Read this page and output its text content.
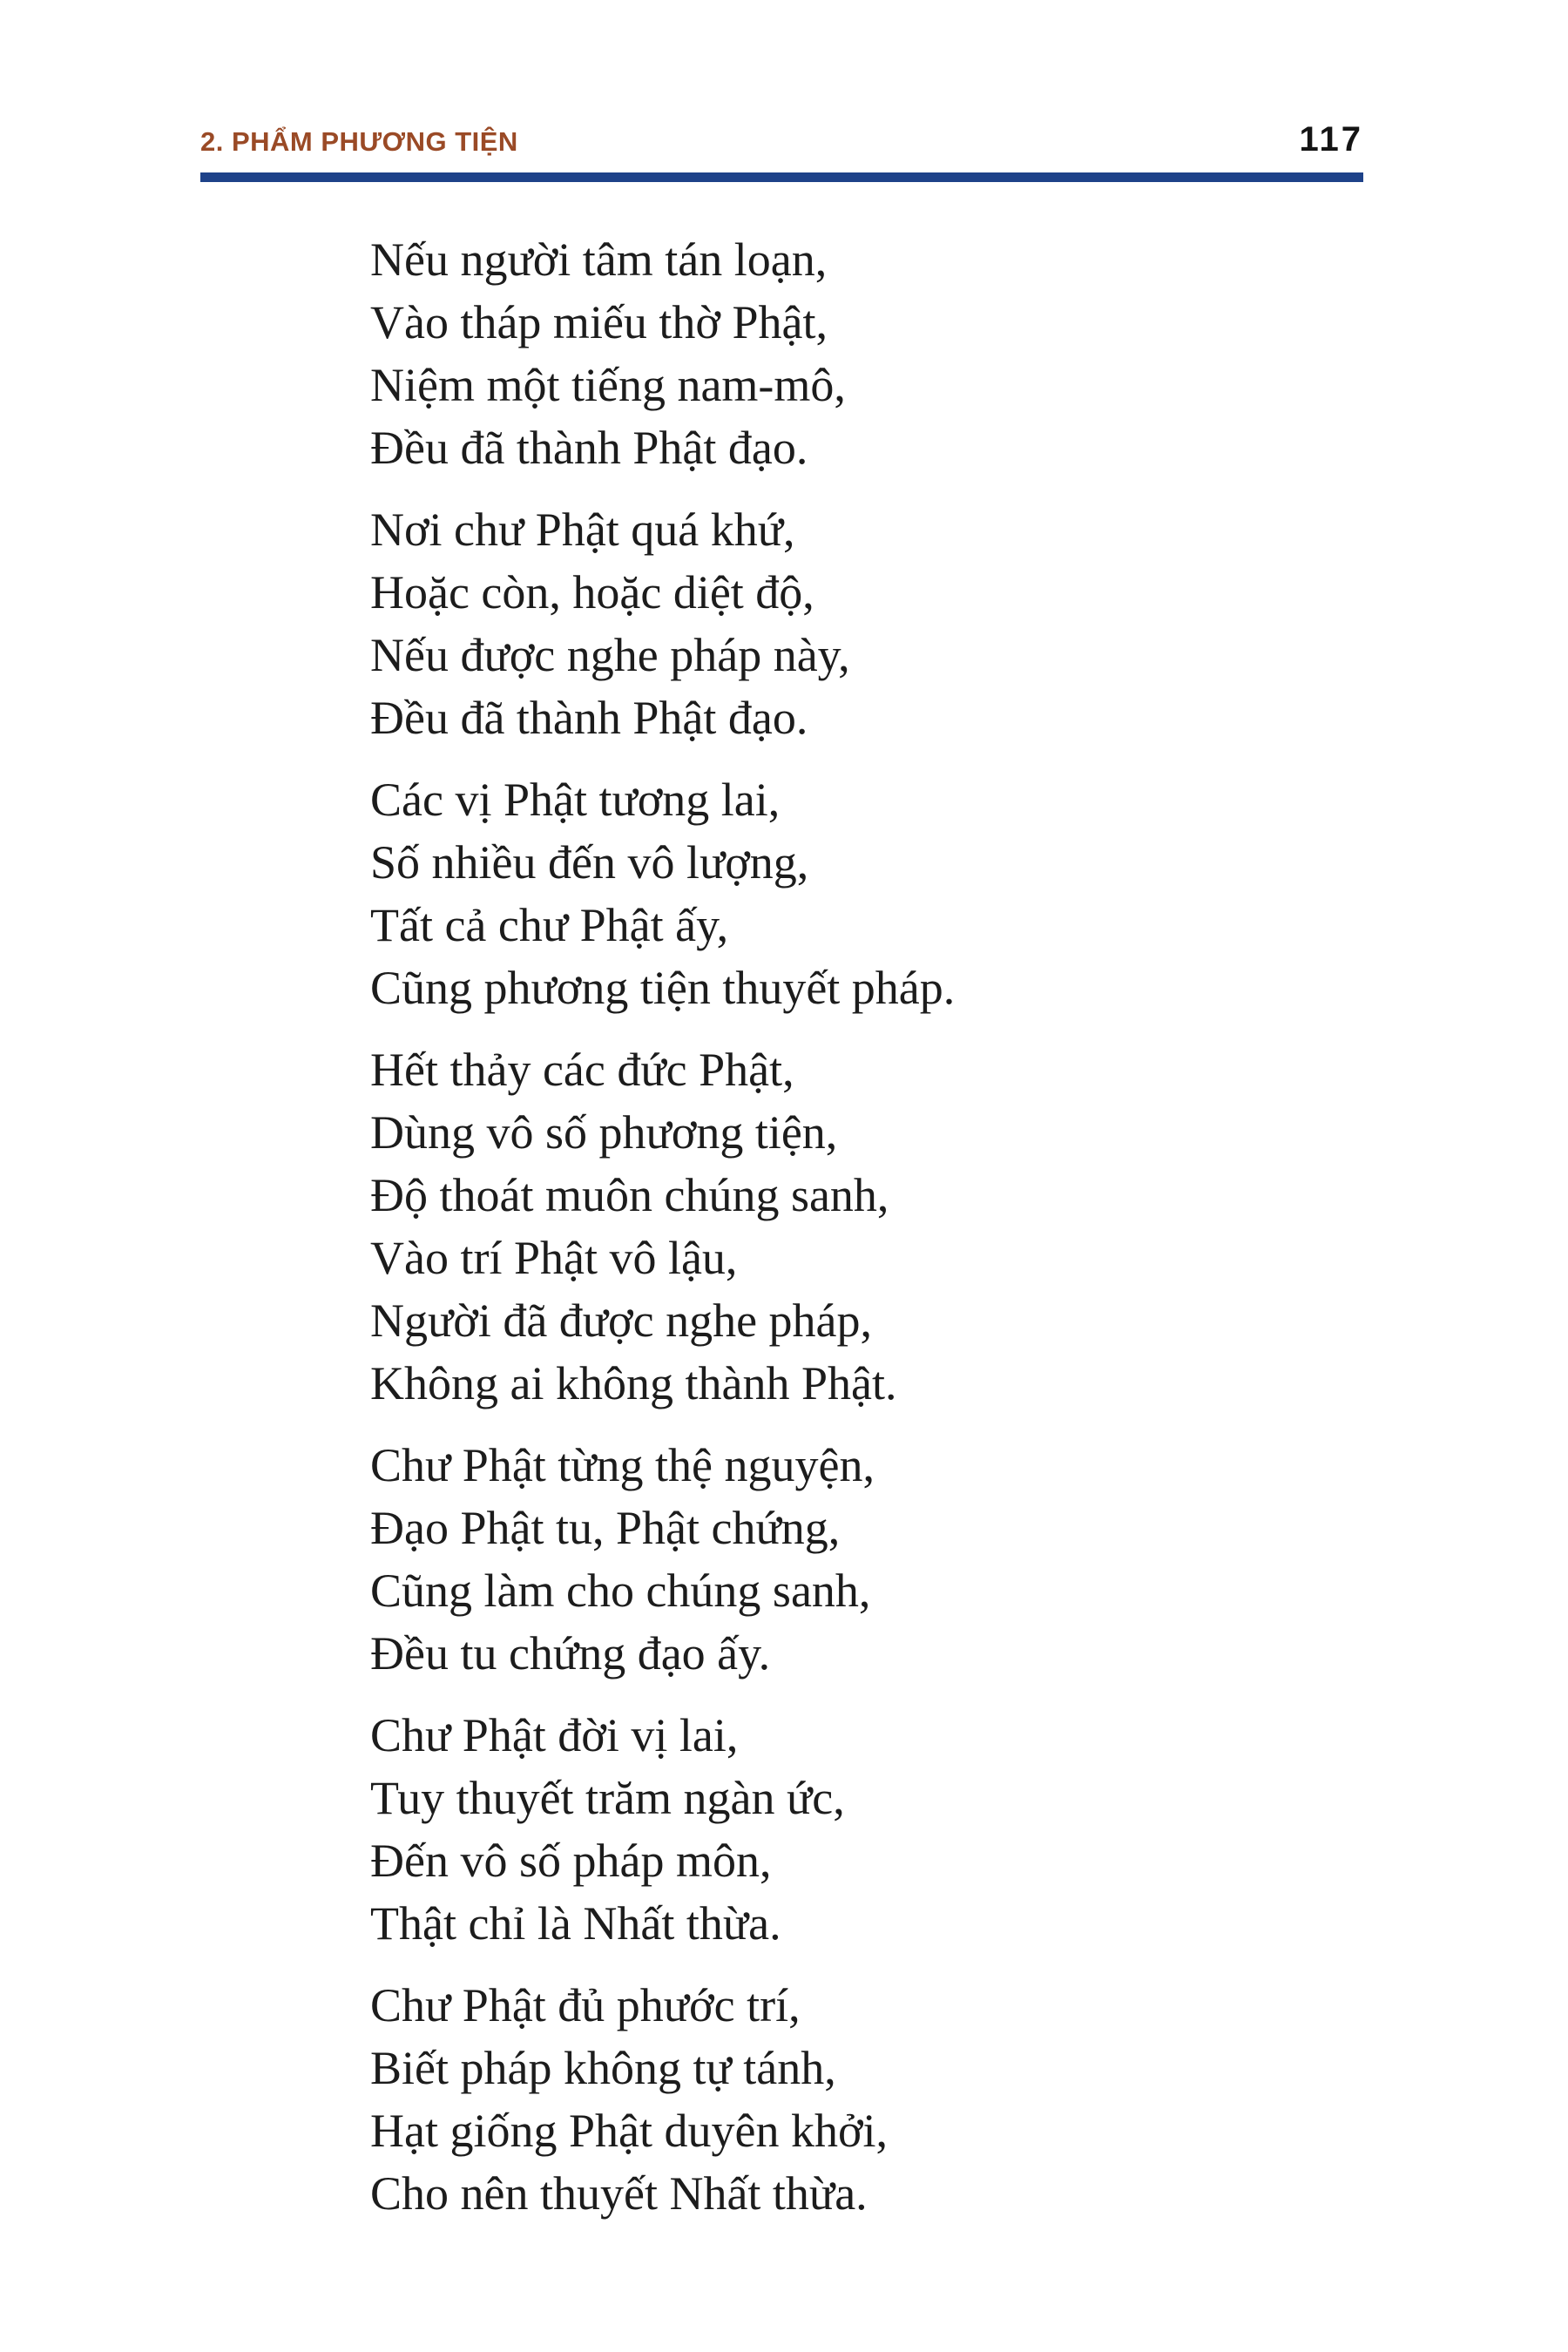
2. PHẨM PHƯƠNG TIỆN	117

Nếu người tâm tán loạn,

Vào tháp miếu thờ Phật,

Niệm một tiếng nam-mô,

Đều đã thành Phật đạo.

Nơi chư Phật quá khứ,

Hoặc còn, hoặc diệt độ,

Nếu được nghe pháp này,

Đều đã thành Phật đạo.

Các vị Phật tương lai,

Số nhiều đến vô lượng,

Tất cả chư Phật ấy,

Cũng phương tiện thuyết pháp.

Hết thảy các đức Phật,

Dùng vô số phương tiện,

Độ thoát muôn chúng sanh,

Vào trí Phật vô lậu,

Người đã được nghe pháp,

Không ai không thành Phật.

Chư Phật từng thệ nguyện,

Đạo Phật tu, Phật chứng,

Cũng làm cho chúng sanh,

Đều tu chứng đạo ấy.

Chư Phật đời vị lai,

Tuy thuyết trăm ngàn ức,

Đến vô số pháp môn,

Thật chỉ là Nhất thừa.

Chư Phật đủ phước trí,

Biết pháp không tự tánh,

Hạt giống Phật duyên khởi,

Cho nên thuyết Nhất thừa.
